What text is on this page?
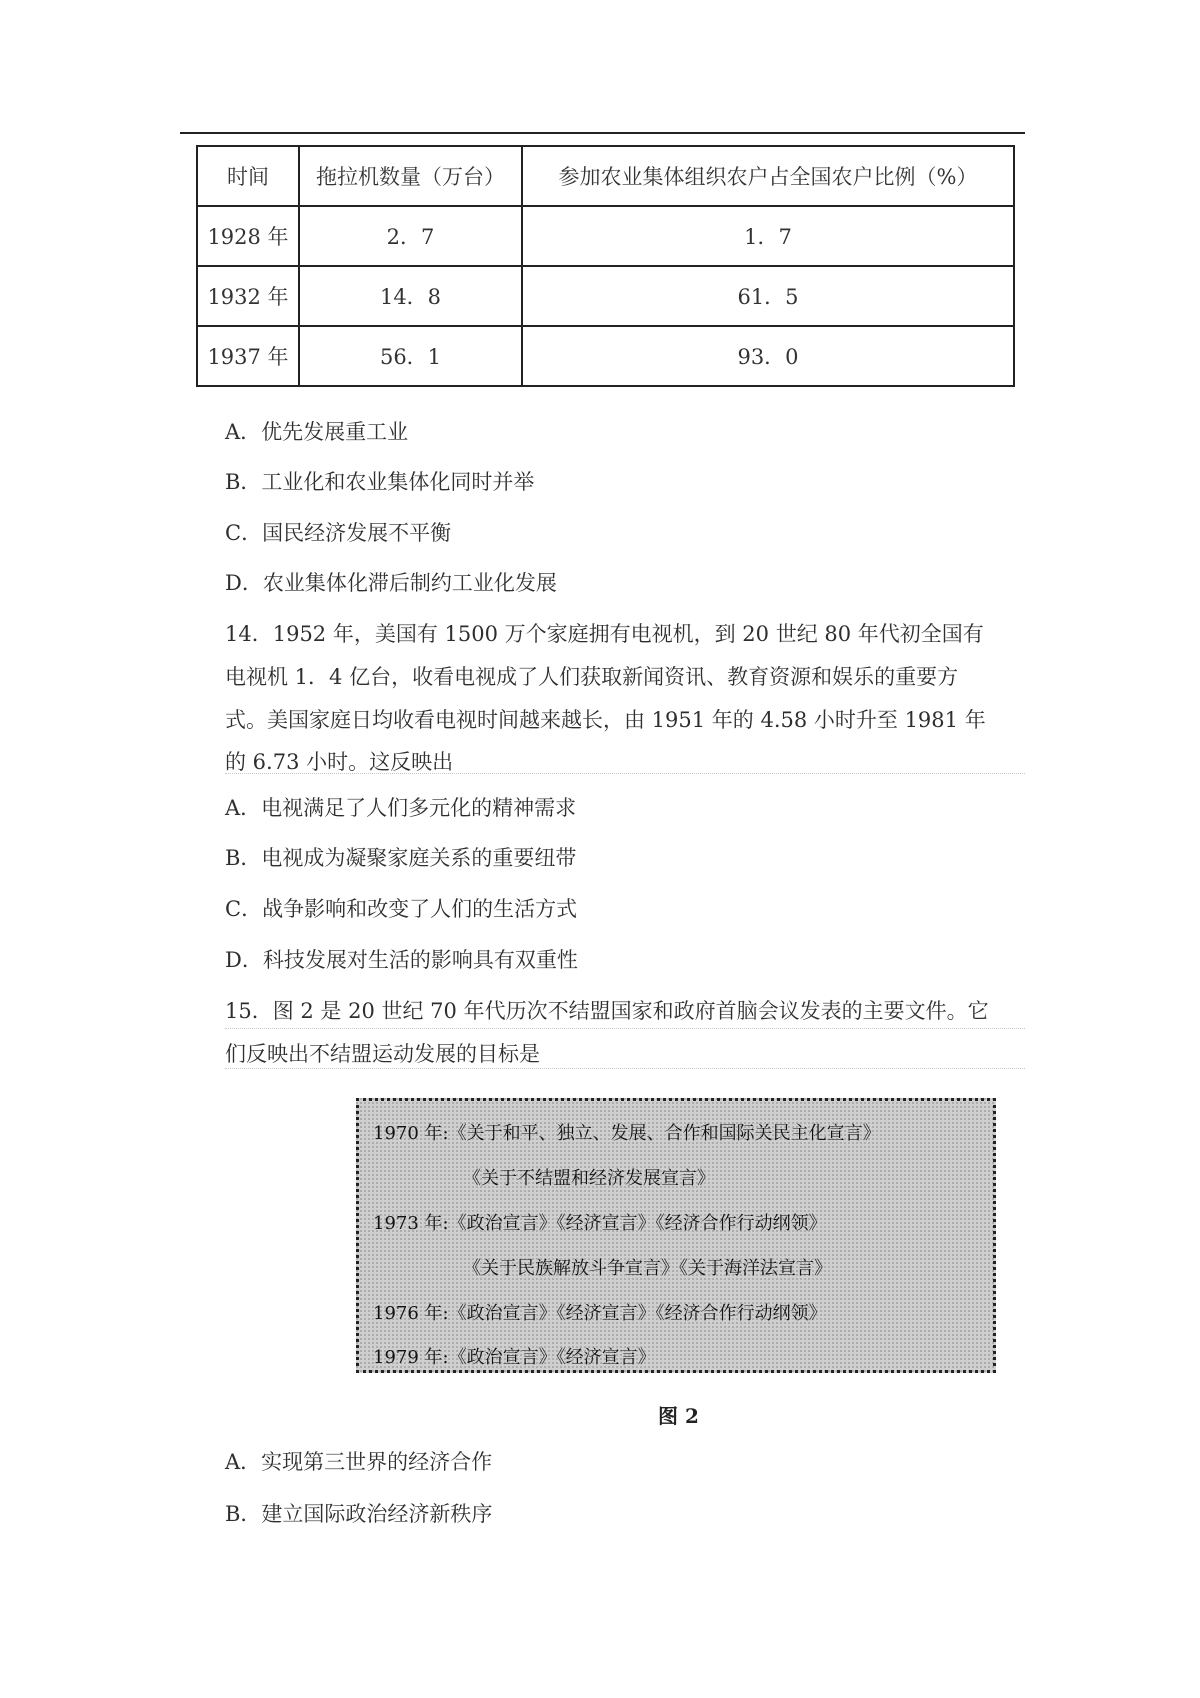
时间	拖拉机数量（万台）	参加农业集体组织农户占全国农户比例（%）
1928 年	2．7	1．7
1932 年	14．8	61．5
1937 年	56．1	93．0
A．优先发展重工业
B．工业化和农业集体化同时并举
C．国民经济发展不平衡
D．农业集体化滞后制约工业化发展
14．1952 年，美国有 1500 万个家庭拥有电视机，到 20 世纪 80 年代初全国有
电视机 1．4 亿台，收看电视成了人们获取新闻资讯、教育资源和娱乐的重要方
式。美国家庭日均收看电视时间越来越长，由 1951 年的 4.58 小时升至 1981 年
的 6.73 小时。这反映出
A．电视满足了人们多元化的精神需求
B．电视成为凝聚家庭关系的重要纽带
C．战争影响和改变了人们的生活方式
D．科技发展对生活的影响具有双重性
15．图 2 是 20 世纪 70 年代历次不结盟国家和政府首脑会议发表的主要文件。它
们反映出不结盟运动发展的目标是
1970 年:《关于和平、独立、发展、合作和国际关民主化宣言》
《关于不结盟和经济发展宣言》
1973 年:《政治宣言》《经济宣言》《经济合作行动纲领》
《关于民族解放斗争宣言》《关于海洋法宣言》
1976 年:《政治宣言》《经济宣言》《经济合作行动纲领》
1979 年:《政治宣言》《经济宣言》
图 2
A．实现第三世界的经济合作
B．建立国际政治经济新秩序
